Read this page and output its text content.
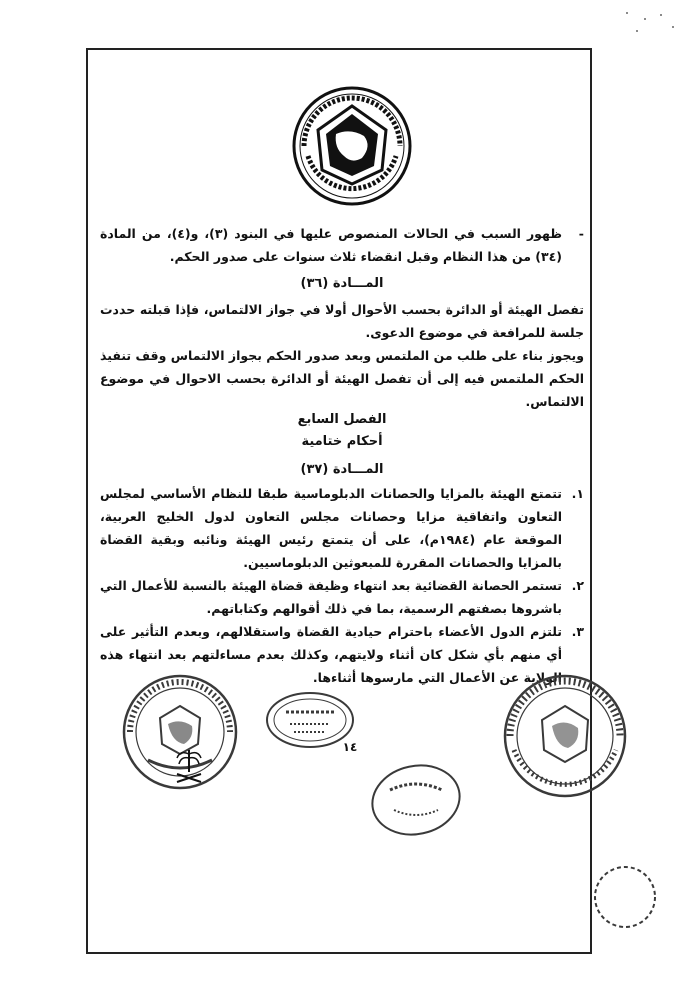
-
ظهور السبب في الحالات المنصوص عليها في البنود (٣)، و(٤)، من المادة (٣٤) من هذا النظام وقبل انقضاء ثلاث سنوات على صدور الحكم.
المـــادة (٣٦)

تفصل الهيئة أو الدائرة بحسب الأحوال أولا في جواز الالتماس، فإذا قبلته حددت جلسة للمرافعة في موضوع الدعوى.

ويجوز بناء على طلب من الملتمس وبعد صدور الحكم بجواز الالتماس وقف تنفيذ الحكم الملتمس فيه إلى أن تفصل الهيئة أو الدائرة بحسب الاحوال في موضوع الالتماس.

الفصل السابع
أحكام ختامية
المـــادة (٣٧)
١.
تتمتع الهيئة بالمزايا والحصانات الدبلوماسية طبقا للنظام الأساسي لمجلس التعاون واتفاقية مزايا وحصانات مجلس التعاون لدول الخليج العربية، الموقعة عام (١٩٨٤م)، على أن يتمتع رئيس الهيئة ونائبه وبقية القضاة بالمزايا والحصانات المقررة للمبعوثين الدبلوماسيين.
٢.
تستمر الحصانة القضائية بعد انتهاء وظيفة قضاة الهيئة بالنسبة للأعمال التي باشروها بصفتهم الرسمية، بما في ذلك أقوالهم وكتاباتهم.
٣.
تلتزم الدول الأعضاء باحترام حيادية القضاة واستقلالهم، وبعدم التأثير على أي منهم بأي شكل كان أثناء ولايتهم، وكذلك بعدم مساءلتهم بعد انتهاء هذه الولاية عن الأعمال التي مارسوها أثناءها.
١٤
